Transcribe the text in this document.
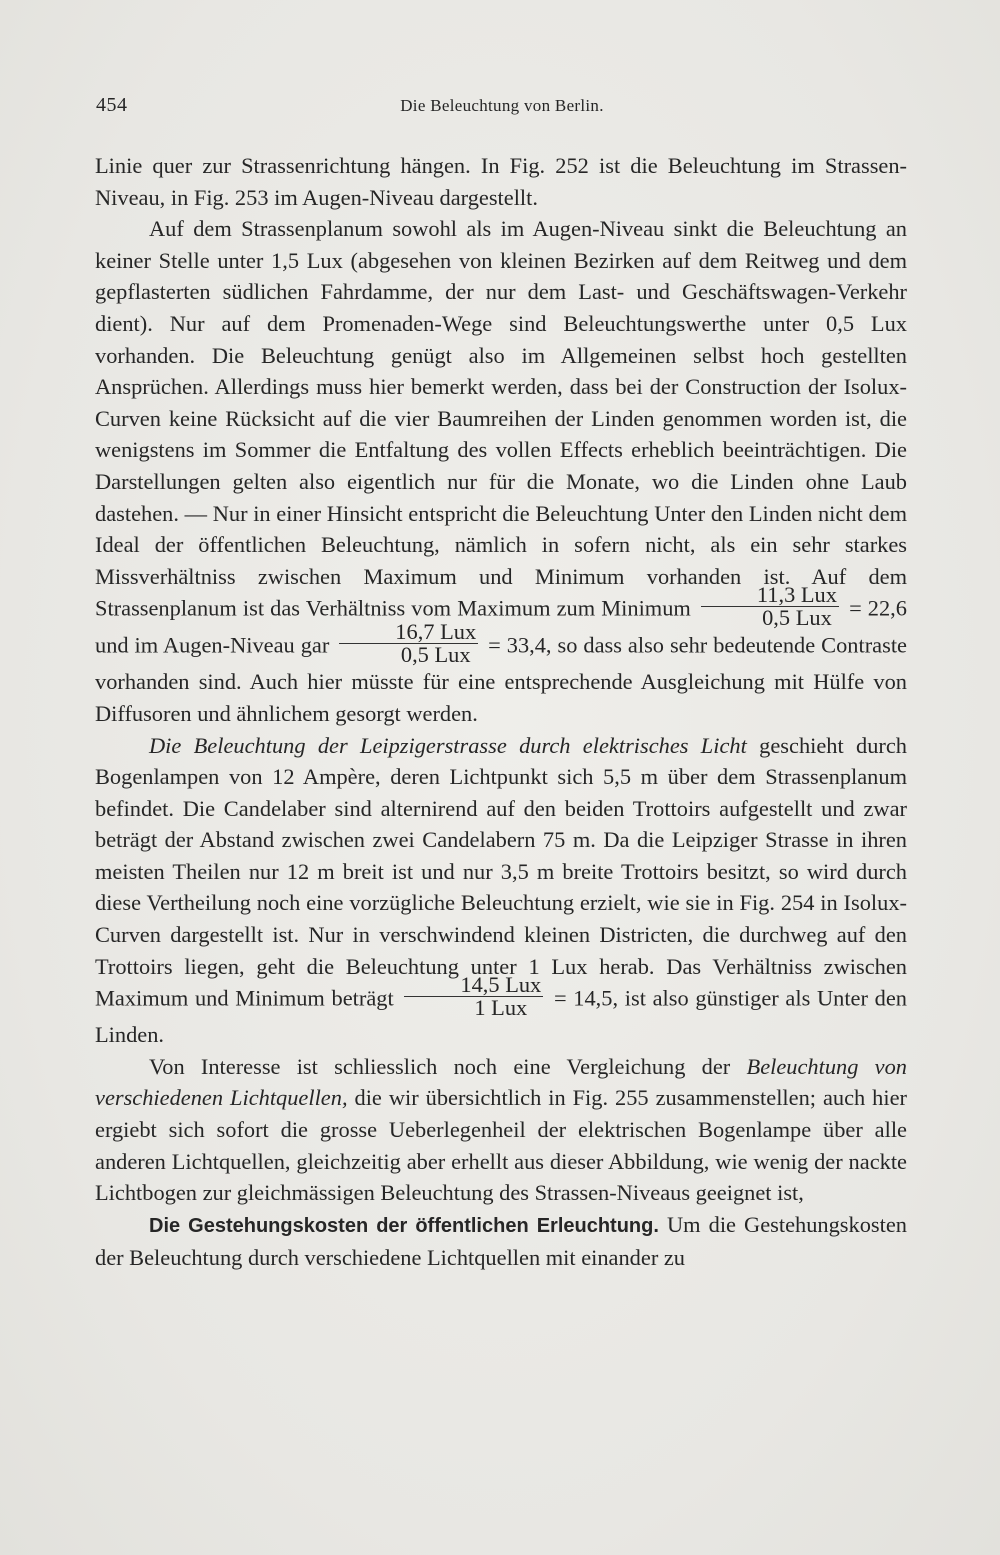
454	Die Beleuchtung von Berlin.

Linie quer zur Strassenrichtung hängen. In Fig. 252 ist die Beleuchtung im Strassen-Niveau, in Fig. 253 im Augen-Niveau dargestellt.

Auf dem Strassenplanum sowohl als im Augen-Niveau sinkt die Beleuchtung an keiner Stelle unter 1,5 Lux (abgesehen von kleinen Bezirken auf dem Reitweg und dem gepflasterten südlichen Fahrdamme, der nur dem Last- und Geschäftswagen-Verkehr dient). Nur auf dem Promenaden-Wege sind Beleuchtungswerthe unter 0,5 Lux vorhanden. Die Beleuchtung genügt also im Allgemeinen selbst hoch gestellten Ansprüchen. Allerdings muss hier bemerkt werden, dass bei der Construction der Isolux-Curven keine Rücksicht auf die vier Baumreihen der Linden genommen worden ist, die wenigstens im Sommer die Entfaltung des vollen Effects erheblich beeinträchtigen. Die Darstellungen gelten also eigentlich nur für die Monate, wo die Linden ohne Laub dastehen. — Nur in einer Hinsicht entspricht die Beleuchtung Unter den Linden nicht dem Ideal der öffentlichen Beleuchtung, nämlich in sofern nicht, als ein sehr starkes Missverhältniss zwischen Maximum und Minimum vorhanden ist. Auf dem Strassenplanum ist das Verhältniss vom Maximum zum Minimum $\frac{\text{11,3 Lux}}{\text{0,5 Lux}} = 22,6$ und im Augen-Niveau gar $\frac{\text{16,7 Lux}}{\text{0,5 Lux}} = 33,4$, so dass also sehr bedeutende Contraste vorhanden sind. Auch hier müsste für eine entsprechende Ausgleichung mit Hülfe von Diffusoren und ähnlichem gesorgt werden.

Die Beleuchtung der Leipzigerstrasse durch elektrisches Licht geschieht durch Bogenlampen von 12 Ampère, deren Lichtpunkt sich 5,5 m über dem Strassenplanum befindet. Die Candelaber sind alternirend auf den beiden Trottoirs aufgestellt und zwar beträgt der Abstand zwischen zwei Candelabern 75 m. Da die Leipziger Strasse in ihren meisten Theilen nur 12 m breit ist und nur 3,5 m breite Trottoirs besitzt, so wird durch diese Vertheilung noch eine vorzügliche Beleuchtung erzielt, wie sie in Fig. 254 in Isolux-Curven dargestellt ist. Nur in verschwindend kleinen Districten, die durchweg auf den Trottoirs liegen, geht die Beleuchtung unter 1 Lux herab. Das Verhältniss zwischen Maximum und Minimum beträgt $\frac{\text{14,5 Lux}}{\text{1 Lux}} = 14,5$, ist also günstiger als Unter den Linden.

Von Interesse ist schliesslich noch eine Vergleichung der Beleuchtung von verschiedenen Lichtquellen, die wir übersichtlich in Fig. 255 zusammenstellen; auch hier ergiebt sich sofort die grosse Ueberlegenheil der elektrischen Bogenlampe über alle anderen Lichtquellen, gleichzeitig aber erhellt aus dieser Abbildung, wie wenig der nackte Lichtbogen zur gleichmässigen Beleuchtung des Strassen-Niveaus geeignet ist,

Die Gestehungskosten der öffentlichen Erleuchtung. Um die Gestehungskosten der Beleuchtung durch verschiedene Lichtquellen mit einander zu
